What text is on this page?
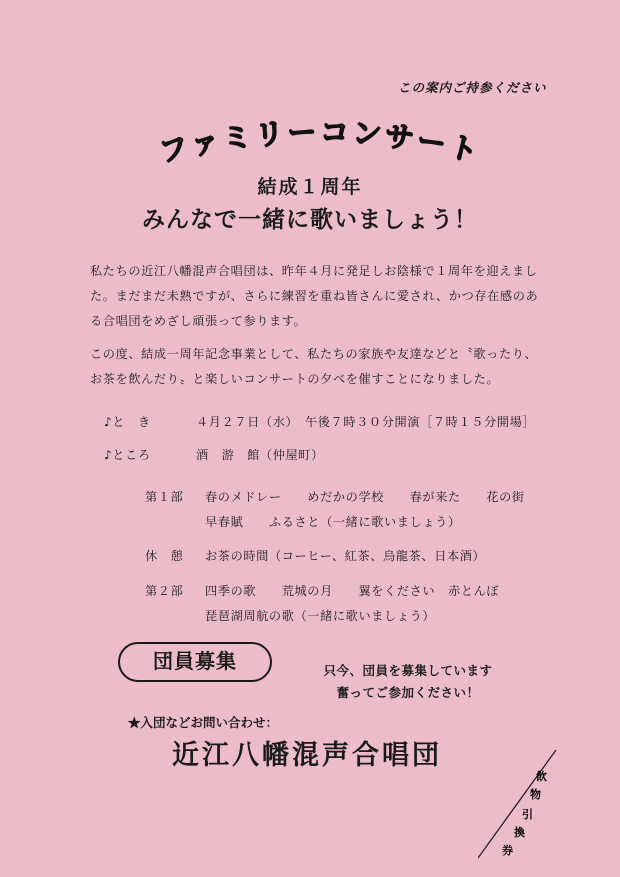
この案内ご持参ください
ファミリーコンサート
結成１周年
みんなで一緒に歌いましょう！
私たちの近江八幡混声合唱団は、昨年４月に発足しお陰様で１周年を迎えました。まだまだ未熟ですが、さらに練習を重ね皆さんに愛され、かつ存在感のある合唱団をめざし頑張って参ります。
この度、結成一周年記念事業として、私たちの家族や友達などと〝歌ったり、お茶を飲んだり〟と楽しいコンサートの夕べを催すことになりました。
♪と　き	４月２７日（水）　午後７時３０分開演［７時１５分開場］
♪ところ	酒　游　館（仲屋町）
第１部 春のメドレー　　めだかの学校　　春が来た　　花の街
早春賦　　ふるさと（一緒に歌いましょう）
休　憩 お茶の時間（コーヒー、紅茶、烏龍茶、日本酒）
第２部 四季の歌　　荒城の月　　翼をください　赤とんぼ
琵琶湖周航の歌（一緒に歌いましょう）
団員募集	只今、団員を募集しています
奮ってご参加ください！
★入団などお問い合わせ：
近江八幡混声合唱団
飲
物
引
換
券
